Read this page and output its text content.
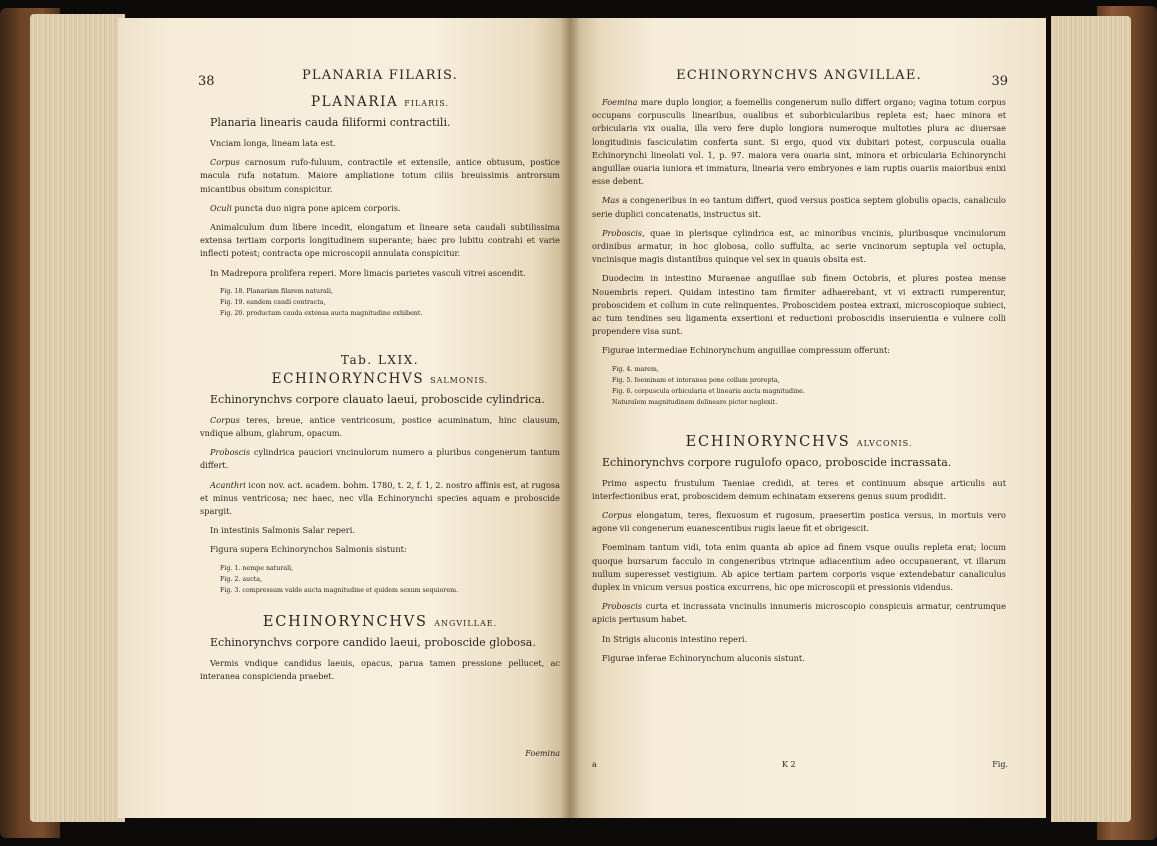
38	PLANARIA FILARIS.
PLANARIA FILARIS.
Planaria linearis cauda filiformi contractili.

Vnciam longa, lineam lata est.

Corpus carnosum rufo-fuluum, contractile et extensile, antice obtusum, postice macula rufa notatum. Maiore ampliatione totum ciliis breuissimis antrorsum micantibus obsitum conspicitur.

Oculi puncta duo nigra pone apicem corporis.

Animalculum dum libere incedit, elongatum et lineare seta caudali subtilissima extensa tertiam corporis longitudinem superante; haec pro lubitu contrahi et varie inflecti potest; contracta ope microscopii annulata conspicitur.

In Madrepora prolifera reperi. More limacis parietes vasculi vitrei ascendit.

Fig. 18. Planariam filarem naturali,
Fig. 19. eandem caudi contracta,
Fig. 20. productam cauda extensa aucta magnitudine exhibent.
Tab. LXIX.
ECHINORYNCHVS SALMONIS.
Echinorynchvs corpore clauato laeui, proboscide cylindrica.

Corpus teres, breue, antice ventricosum, postice acuminatum, hinc clausum, vndique album, glabrum, opacum.

Proboscis cylindrica pauciori vncinulorum numero a pluribus congenerum tantum differt.

Acanthri icon nov. act. academ. bohm. 1780, t. 2, f. 1, 2. nostro affinis est, at rugosa et minus ventricosa; nec haec, nec vlla Echinorynchi species aquam e proboscide spargit.

In intestinis Salmonis Salar reperi.

Figura supera Echinorynchos Salmonis sistunt:

Fig. 1. nempe naturali,
Fig. 2. aucta,
Fig. 3. compressum valde aucta magnitudine et quidem sexum sequiorem.
ECHINORYNCHVS ANGVILLAE.
Echinorynchvs corpore candido laeui, proboscide globosa.

Vermis vndique candidus laeuis, opacus, parua tamen pressione pellucet, ac interanea conspicienda praebet.

Foemina
ECHINORYNCHVS ANGVILLAE.	39

Foemina mare duplo longior, a foemellis congenerum nullo differt organo; vagina totum corpus occupans corpusculis linearibus, oualibus et suborbicularibus repleta est; haec minora et orbicularia vix oualia, illa vero fere duplo longiora numeroque multoties plura ac diuersae longitudinis fasciculatim conferta sunt. Si ergo, quod vix dubitari potest, corpuscula oualia Echinorynchi lineolati vol. 1, p. 97. maiora vera ouaria sint, minora et orbicularia Echinorynchi anguillae ouaria iuniora et immatura, linearia vero embryones e iam ruptis ouariis maioribus enixi esse debent.

Mas a congeneribus in eo tantum differt, quod versus postica septem globulis opacis, canaliculo serie duplici concatenatis, instructus sit.

Proboscis, quae in plerisque cylindrica est, ac minoribus vncinis, pluribusque vncinulorum ordinibus armatur, in hoc globosa, collo suffulta, ac serie vncinorum septupla vel octupla, vncinisque magis distantibus quinque vel sex in quauis obsita est.

Duodecim in intestino Muraenae anguillae sub finem Octobris, et plures postea mense Nouembris reperi. Quidam intestino tam firmiter adhaerebant, vt vi extracti rumperentur, proboscidem et collum in cute relinquentes. Proboscidem postea extraxi, microscopioque subieci, ac tum tendines seu ligamenta exsertioni et reductioni proboscidis inseruientia e vulnere colli propendere visa sunt.

Figurae intermediae Echinorynchum anguillae compressum offerunt:

Fig. 4. marem,
Fig. 5. foeminam et interanea pone collum prorepta,
Fig. 6. corpuscula orbicularia et linearia aucta magnitudine.
Naturalem magnitudinem delineare pictor neglexit.
ECHINORYNCHVS ALVCONIS.
Echinorynchvs corpore rugulofo opaco, proboscide incrassata.

Primo aspectu frustulum Taeniae credidi, at teres et continuum absque articulis aut interfectionibus erat, proboscidem demum echinatam exserens genus suum prodidit.

Corpus elongatum, teres, flexuosum et rugosum, praesertim postica versus, in mortuis vero agone vii congenerum euanescentibus rugis laeue fit et obrigescit.

Foeminam tantum vidi, tota enim quanta ab apice ad finem vsque ouulis repleta erat; locum quoque bursarum facculo in congeneribus vtrinque adiacentium adeo occupauerant, vt illarum nullum superesset vestigium. Ab apice tertiam partem corporis vsque extendebatur canaliculus duplex in vnicum versus postica excurrens, hic ope microscopii et pressionis videndus.

Proboscis curta et incrassata vncinulis innumeris microscopio conspicuis armatur, centrumque apicis pertusum habet.

In Strigis aluconis intestino reperi.

Figurae inferae Echinorynchum aluconis sistunt.

a	K 2	Fig.
